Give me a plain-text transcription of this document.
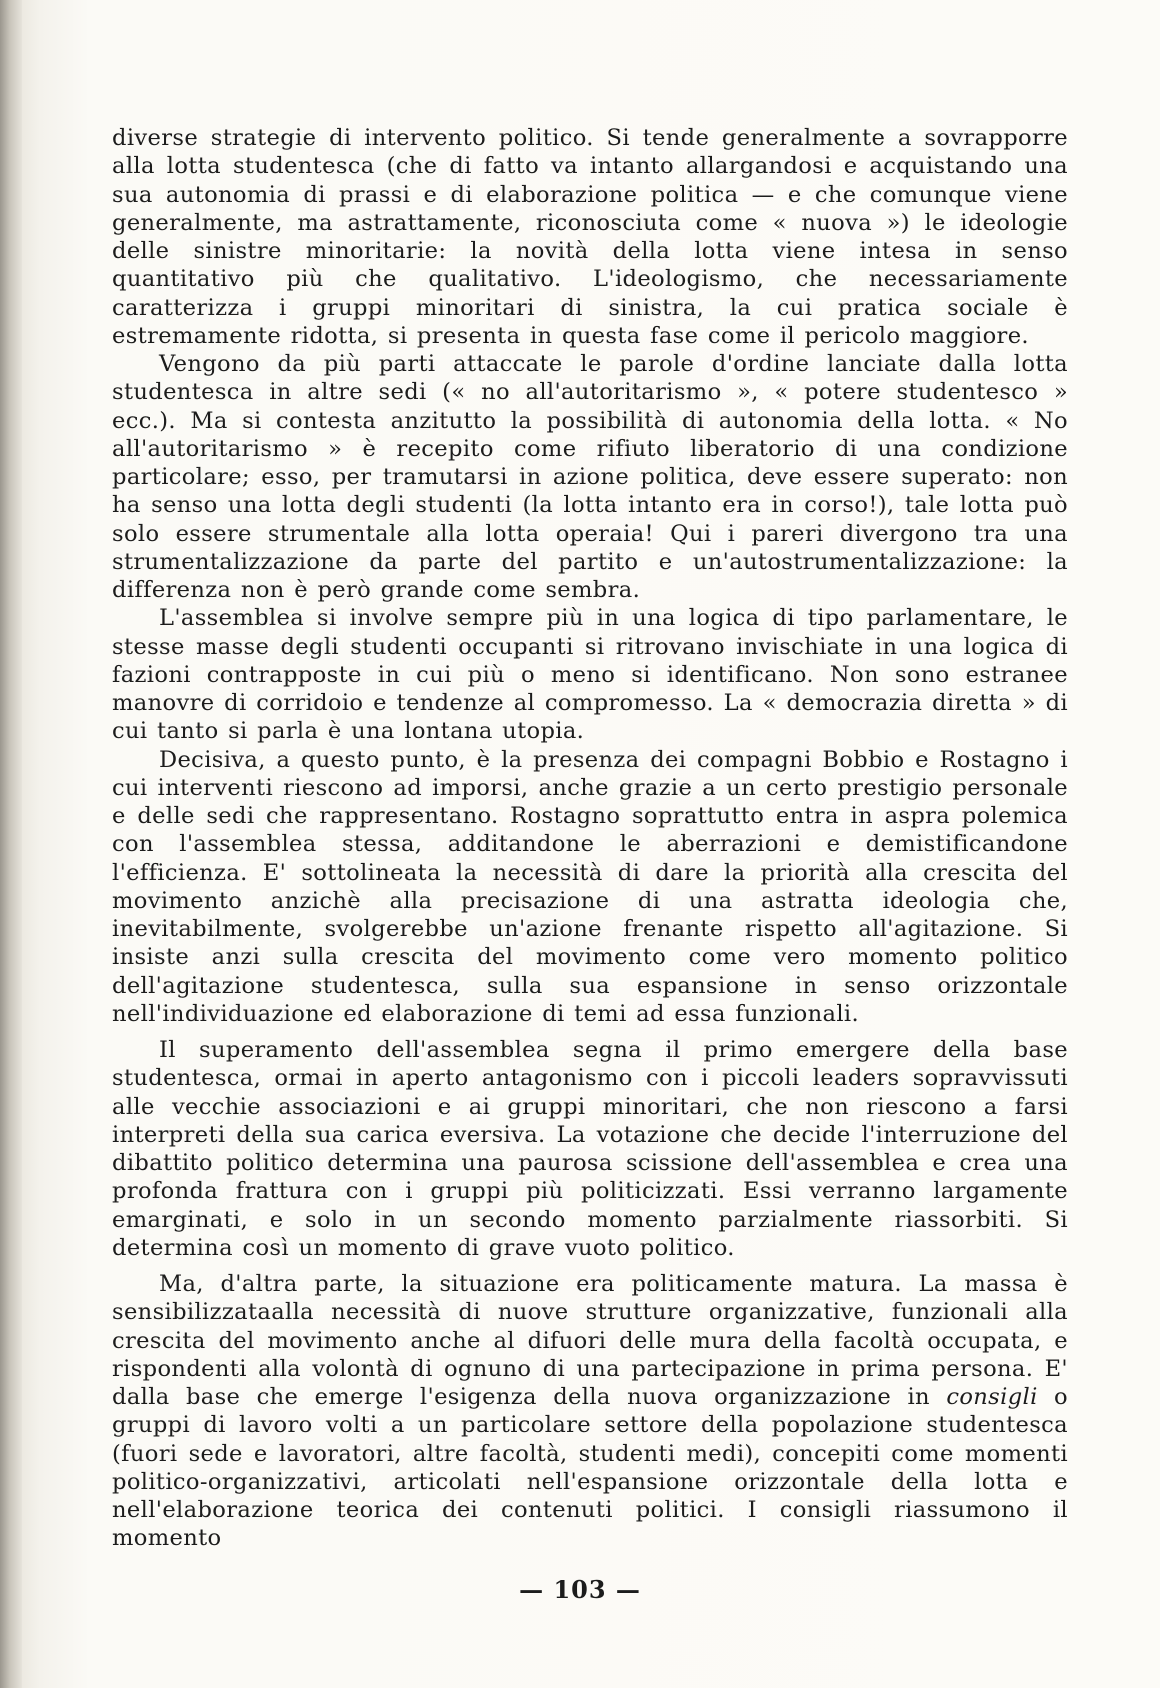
diverse strategie di intervento politico. Si tende generalmente a sovrapporre alla lotta studentesca (che di fatto va intanto allargandosi e acquistando una sua autonomia di prassi e di elaborazione politica — e che comunque viene generalmente, ma astrattamente, riconosciuta come « nuova ») le ideologie delle sinistre minoritarie: la novità della lotta viene intesa in senso quantitativo più che qualitativo. L'ideologismo, che necessariamente caratterizza i gruppi minoritari di sinistra, la cui pratica sociale è estremamente ridotta, si presenta in questa fase come il pericolo maggiore.

Vengono da più parti attaccate le parole d'ordine lanciate dalla lotta studentesca in altre sedi (« no all'autoritarismo », « potere studentesco » ecc.). Ma si contesta anzitutto la possibilità di autonomia della lotta. « No all'autoritarismo » è recepito come rifiuto liberatorio di una condizione particolare; esso, per tramutarsi in azione politica, deve essere superato: non ha senso una lotta degli studenti (la lotta intanto era in corso!), tale lotta può solo essere strumentale alla lotta operaia! Qui i pareri divergono tra una strumentalizzazione da parte del partito e un'autostrumentalizzazione: la differenza non è però grande come sembra.

L'assemblea si involve sempre più in una logica di tipo parlamentare, le stesse masse degli studenti occupanti si ritrovano invischiate in una logica di fazioni contrapposte in cui più o meno si identificano. Non sono estranee manovre di corridoio e tendenze al compromesso. La « democrazia diretta » di cui tanto si parla è una lontana utopia.

Decisiva, a questo punto, è la presenza dei compagni Bobbio e Rostagno i cui interventi riescono ad imporsi, anche grazie a un certo prestigio personale e delle sedi che rappresentano. Rostagno soprattutto entra in aspra polemica con l'assemblea stessa, additandone le aberrazioni e demistificandone l'efficienza. E' sottolineata la necessità di dare la priorità alla crescita del movimento anzichè alla precisazione di una astratta ideologia che, inevitabilmente, svolgerebbe un'azione frenante rispetto all'agitazione. Si insiste anzi sulla crescita del movimento come vero momento politico dell'agitazione studentesca, sulla sua espansione in senso orizzontale nell'individuazione ed elaborazione di temi ad essa funzionali.

Il superamento dell'assemblea segna il primo emergere della base studentesca, ormai in aperto antagonismo con i piccoli leaders sopravvissuti alle vecchie associazioni e ai gruppi minoritari, che non riescono a farsi interpreti della sua carica eversiva. La votazione che decide l'interruzione del dibattito politico determina una paurosa scissione dell'assemblea e crea una profonda frattura con i gruppi più politicizzati. Essi verranno largamente emarginati, e solo in un secondo momento parzialmente riassorbiti. Si determina così un momento di grave vuoto politico.

Ma, d'altra parte, la situazione era politicamente matura. La massa è sensibilizzataalla necessità di nuove strutture organizzative, funzionali alla crescita del movimento anche al difuori delle mura della facoltà occupata, e rispondenti alla volontà di ognuno di una partecipazione in prima persona. E' dalla base che emerge l'esigenza della nuova organizzazione in consigli o gruppi di lavoro volti a un particolare settore della popolazione studentesca (fuori sede e lavoratori, altre facoltà, studenti medi), concepiti come momenti politico-organizzativi, articolati nell'espansione orizzontale della lotta e nell'elaborazione teorica dei contenuti politici. I consigli riassumono il momento

— 103 —
